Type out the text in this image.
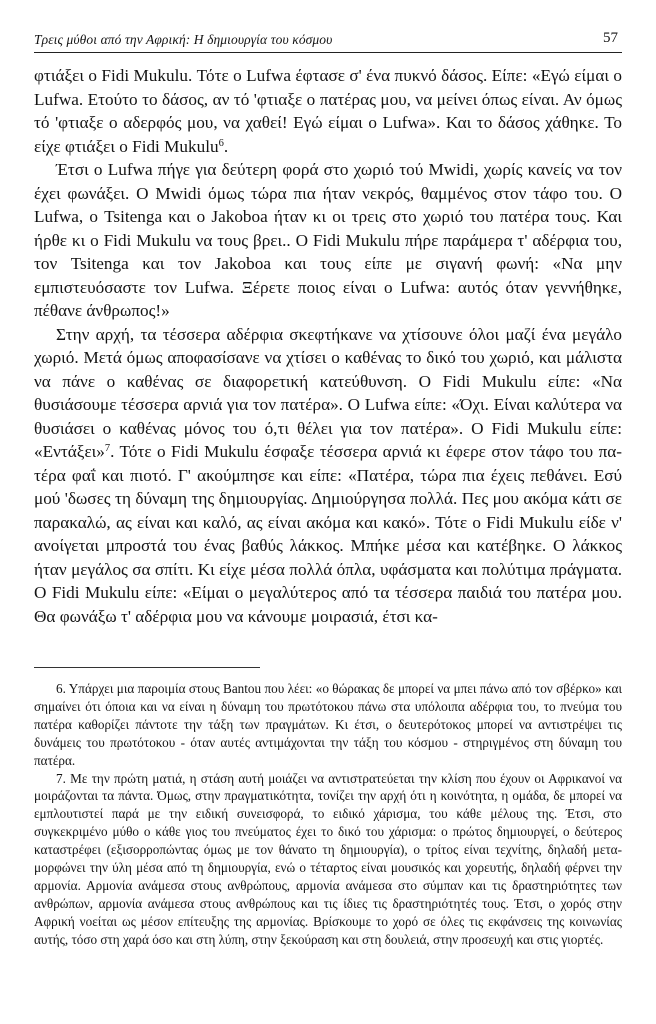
Τρεις μύθοι από την Αφρική: Η δημιουργία του κόσμου	57

φτιάξει ο Fidi Mukulu. Τότε ο Lufwa έφτασε σ' ένα πυκνό δάσος. Είπε: «Εγώ είμαι ο Lufwa. Ετούτο το δάσος, αν τό 'φτιαξε ο πατέρας μου, να μείνει όπως είναι. Αν όμως τό 'φτιαξε ο αδερφός μου, να χαθεί! Εγώ είμαι ο Lufwa». Και το δάσος χάθηκε. Το είχε φτιάξει ο Fidi Mukulu$^6$.

Έτσι ο Lufwa πήγε για δεύτερη φορά στο χωριό τού Mwidi, χωρίς κανείς να τον έχει φωνάξει. Ο Mwidi όμως τώρα πια ήταν νεκρός, θαμμένος στον τάφο του. Ο Lufwa, ο Tsitenga και ο Jakoboa ήταν κι οι τρεις στο χωριό του πατέρα τους. Και ήρθε κι ο Fidi Mukulu να τους βρει.. Ο Fidi Mukulu πήρε παράμερα τ' αδέρφια του, τον Tsitenga και τον Jakoboa και τους είπε με σιγανή φωνή: «Να μην εμπιστευόσαστε τον Lufwa. Ξέρετε ποιος είναι ο Lufwa: αυτός όταν γεννήθηκε, πέθανε άνθρωπος!»

Στην αρχή, τα τέσσερα αδέρφια σκεφτήκανε να χτίσουνε όλοι μαζί ένα μεγάλο χωριό. Μετά όμως αποφασίσανε να χτίσει ο καθένας το δικό του χωριό, και μάλιστα να πάνε ο καθένας σε διαφορετική κατεύθυνση. Ο Fidi Mukulu είπε: «Να θυσιάσουμε τέσσερα αρνιά για τον πατέρα». Ο Lufwa είπε: «Όχι. Είναι καλύτερα να θυσιάσει ο καθένας μόνος του ό,τι θέλει για τον πατέρα». Ο Fidi Mukulu είπε: «Εντάξει»$^7$. Τότε ο Fidi Mukulu έσφαξε τέσσερα αρνιά κι έφερε στον τάφο του πατέρα φαΐ και πιοτό. Γ' ακούμπησε και είπε: «Πατέρα, τώρα πια έχεις πεθάνει. Εσύ μού 'δωσες τη δύναμη της δημιουργίας. Δημιούργησα πολλά. Πες μου ακόμα κάτι σε παρακαλώ, ας είναι και καλό, ας είναι ακόμα και κακό». Τότε ο Fidi Mukulu είδε ν' ανοίγεται μπροστά του ένας βαθύς λάκκος. Μπήκε μέσα και κατέβηκε. Ο λάκκος ήταν μεγάλος σα σπίτι. Κι είχε μέσα πολλά όπλα, υφάσματα και πολύτιμα πράγματα. Ο Fidi Mukulu είπε: «Είμαι ο μεγαλύτερος από τα τέσσερα παιδιά του πατέρα μου. Θα φωνάξω τ' αδέρφια μου να κάνουμε μοιρασιά, έτσι κα-

6. Υπάρχει μια παροιμία στους Bantou που λέει: «ο θώρακας δε μπορεί να μπει πάνω από τον σβέρκο» και σημαίνει ότι όποια και να είναι η δύναμη του πρωτότοκου πάνω στα υπόλοιπα αδέρφια του, το πνεύμα του πατέρα καθορίζει πάντοτε την τάξη των πραγμάτων. Κι έτσι, ο δευτερότοκος μπορεί να αντιστρέψει τις δυνάμεις του πρωτότοκου - όταν αυτές αντιμάχονται την τάξη του κόσμου - στηριγμένος στη δύναμη του πατέρα.

7. Με την πρώτη ματιά, η στάση αυτή μοιάζει να αντιστρατεύεται την κλίση που έχουν οι Αφρικανοί να μοιράζονται τα πάντα. Όμως, στην πραγματικότητα, τονίζει την αρχή ότι η κοινότητα, η ομάδα, δε μπορεί να εμπλουτιστεί παρά με την ειδική συνεισφορά, το ειδικό χάρισμα, του κάθε μέλους της. Έτσι, στο συγκεκριμένο μύθο ο κάθε γιος του πνεύματος έχει το δικό του χάρισμα: ο πρώτος δημιουργεί, ο δεύτερος καταστρέφει (εξισορροπώντας όμως με τον θάνατο τη δημιουργία), ο τρίτος είναι τεχνίτης, δηλαδή μεταμορφώνει την ύλη μέσα από τη δημιουργία, ενώ ο τέταρτος είναι μουσικός και χορευτής, δηλαδή φέρνει την αρμονία. Αρμονία ανάμεσα στους ανθρώπους, αρμονία ανάμεσα στο σύμπαν και τις δραστηριότητες των ανθρώπων, αρμονία ανάμεσα στους ανθρώπους και τις ίδιες τις δραστηριότητές τους. Έτσι, ο χορός στην Αφρική νοείται ως μέσον επίτευξης της αρμονίας. Βρίσκουμε το χορό σε όλες τις εκφάνσεις της κοινωνίας αυτής, τόσο στη χαρά όσο και στη λύπη, στην ξεκούραση και στη δουλειά, στην προσευχή και στις γιορτές.
